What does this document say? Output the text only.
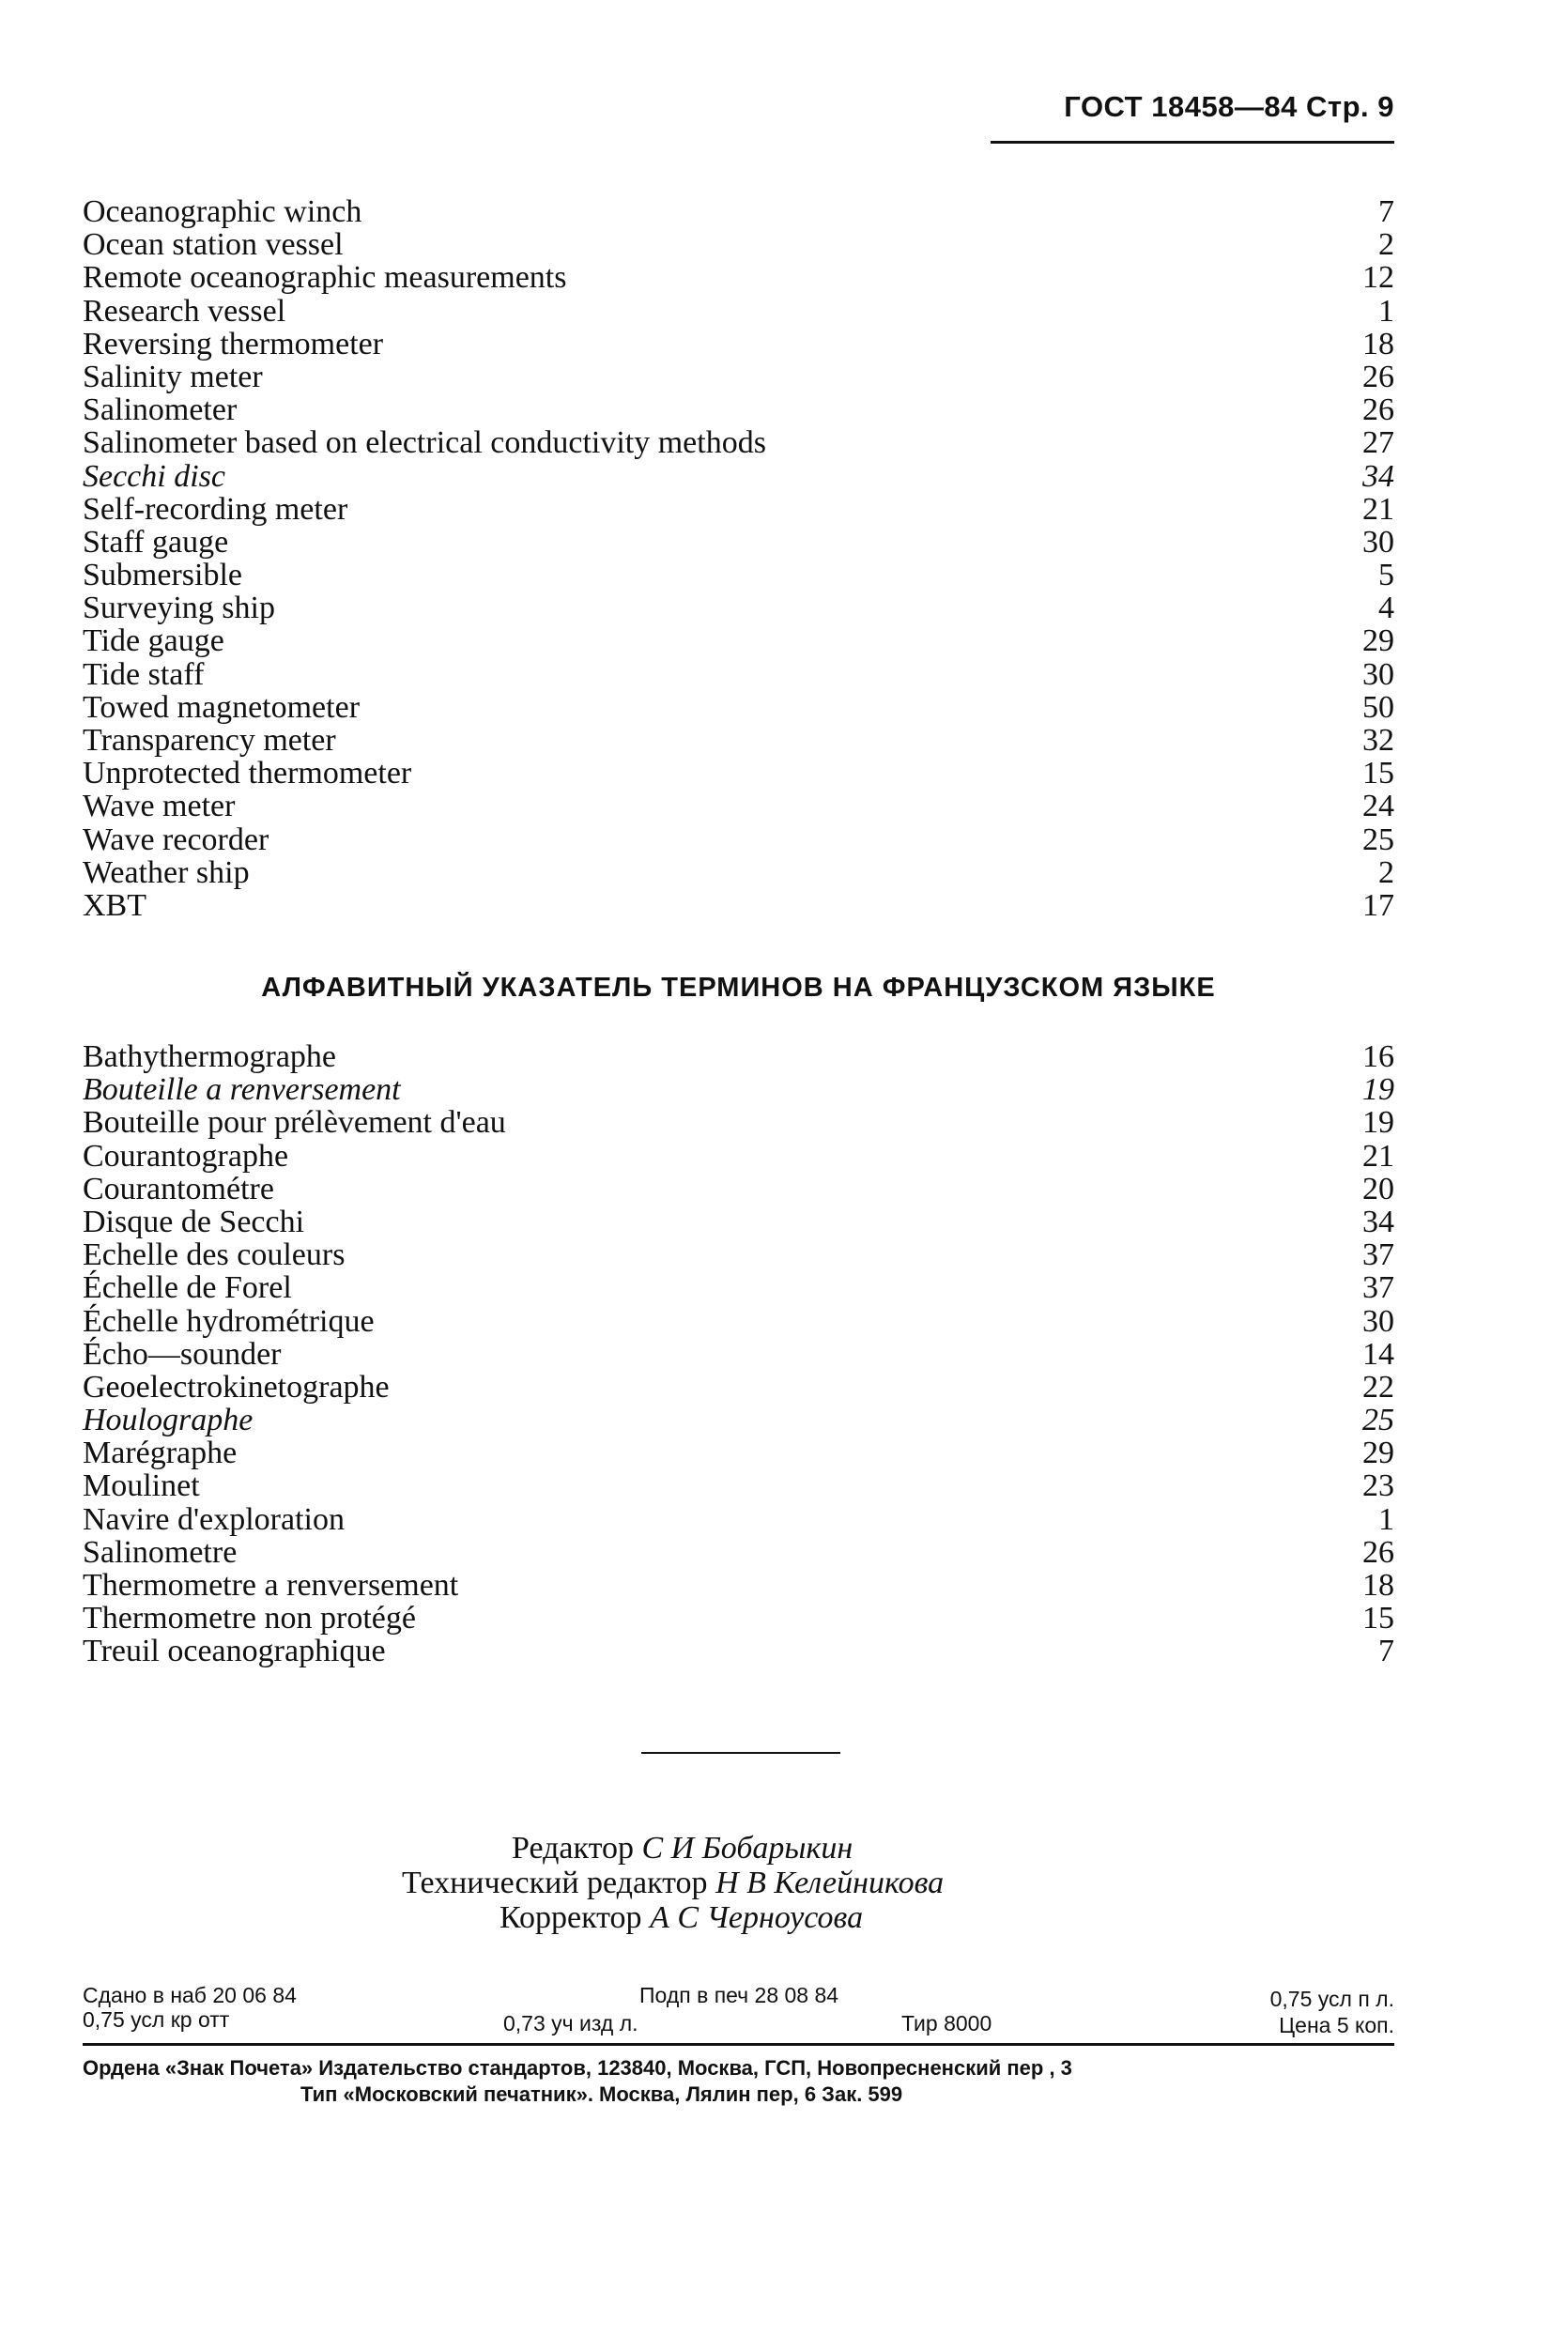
ГОСТ 18458—84 Стр. 9
Oceanographic winch	7
Ocean station vessel	2
Remote oceanographic measurements	12
Research vessel	1
Reversing thermometer	18
Salinity meter	26
Salinometer	26
Salinometer based on electrical conductivity methods	27
Secchi disc	34
Self-recording meter	21
Staff gauge	30
Submersible	5
Surveying ship	4
Tide gauge	29
Tide staff	30
Towed magnetometer	50
Transparency meter	32
Unprotected thermometer	15
Wave meter	24
Wave recorder	25
Weather ship	2
XBT	17
АЛФАВИТНЫЙ УКАЗАТЕЛЬ ТЕРМИНОВ НА ФРАНЦУЗСКОМ ЯЗЫКЕ
Bathythermographe	16
Bouteille a renversement	19
Bouteille pour prélèvement d'eau	19
Courantographe	21
Courantométre	20
Disque de Secchi	34
Echelle des couleurs	37
Échelle de Forel	37
Échelle hydrométrique	30
Écho—sounder	14
Geoelectrokinetographe	22
Houlographe	25
Marégraphe	29
Moulinet	23
Navire d'exploration	1
Salinometre	26
Thermometre a renversement	18
Thermometre non protégé	15
Treuil oceanographique	7
Редактор С И Бобарыкин
Технический редактор Н В Келейникова
Корректор А С Черноусова
Сдано в наб 20 06 84
0,75 усл кр отт
Подп в печ 28 08 84
0,73 уч изд л.	Тир 8000
0,75 усл п л.
Цена 5 коп.
Ордена «Знак Почета» Издательство стандартов, 123840, Москва, ГСП, Новопресненский пер , 3
Тип «Московский печатник». Москва, Лялин пер, 6 Зак. 599
